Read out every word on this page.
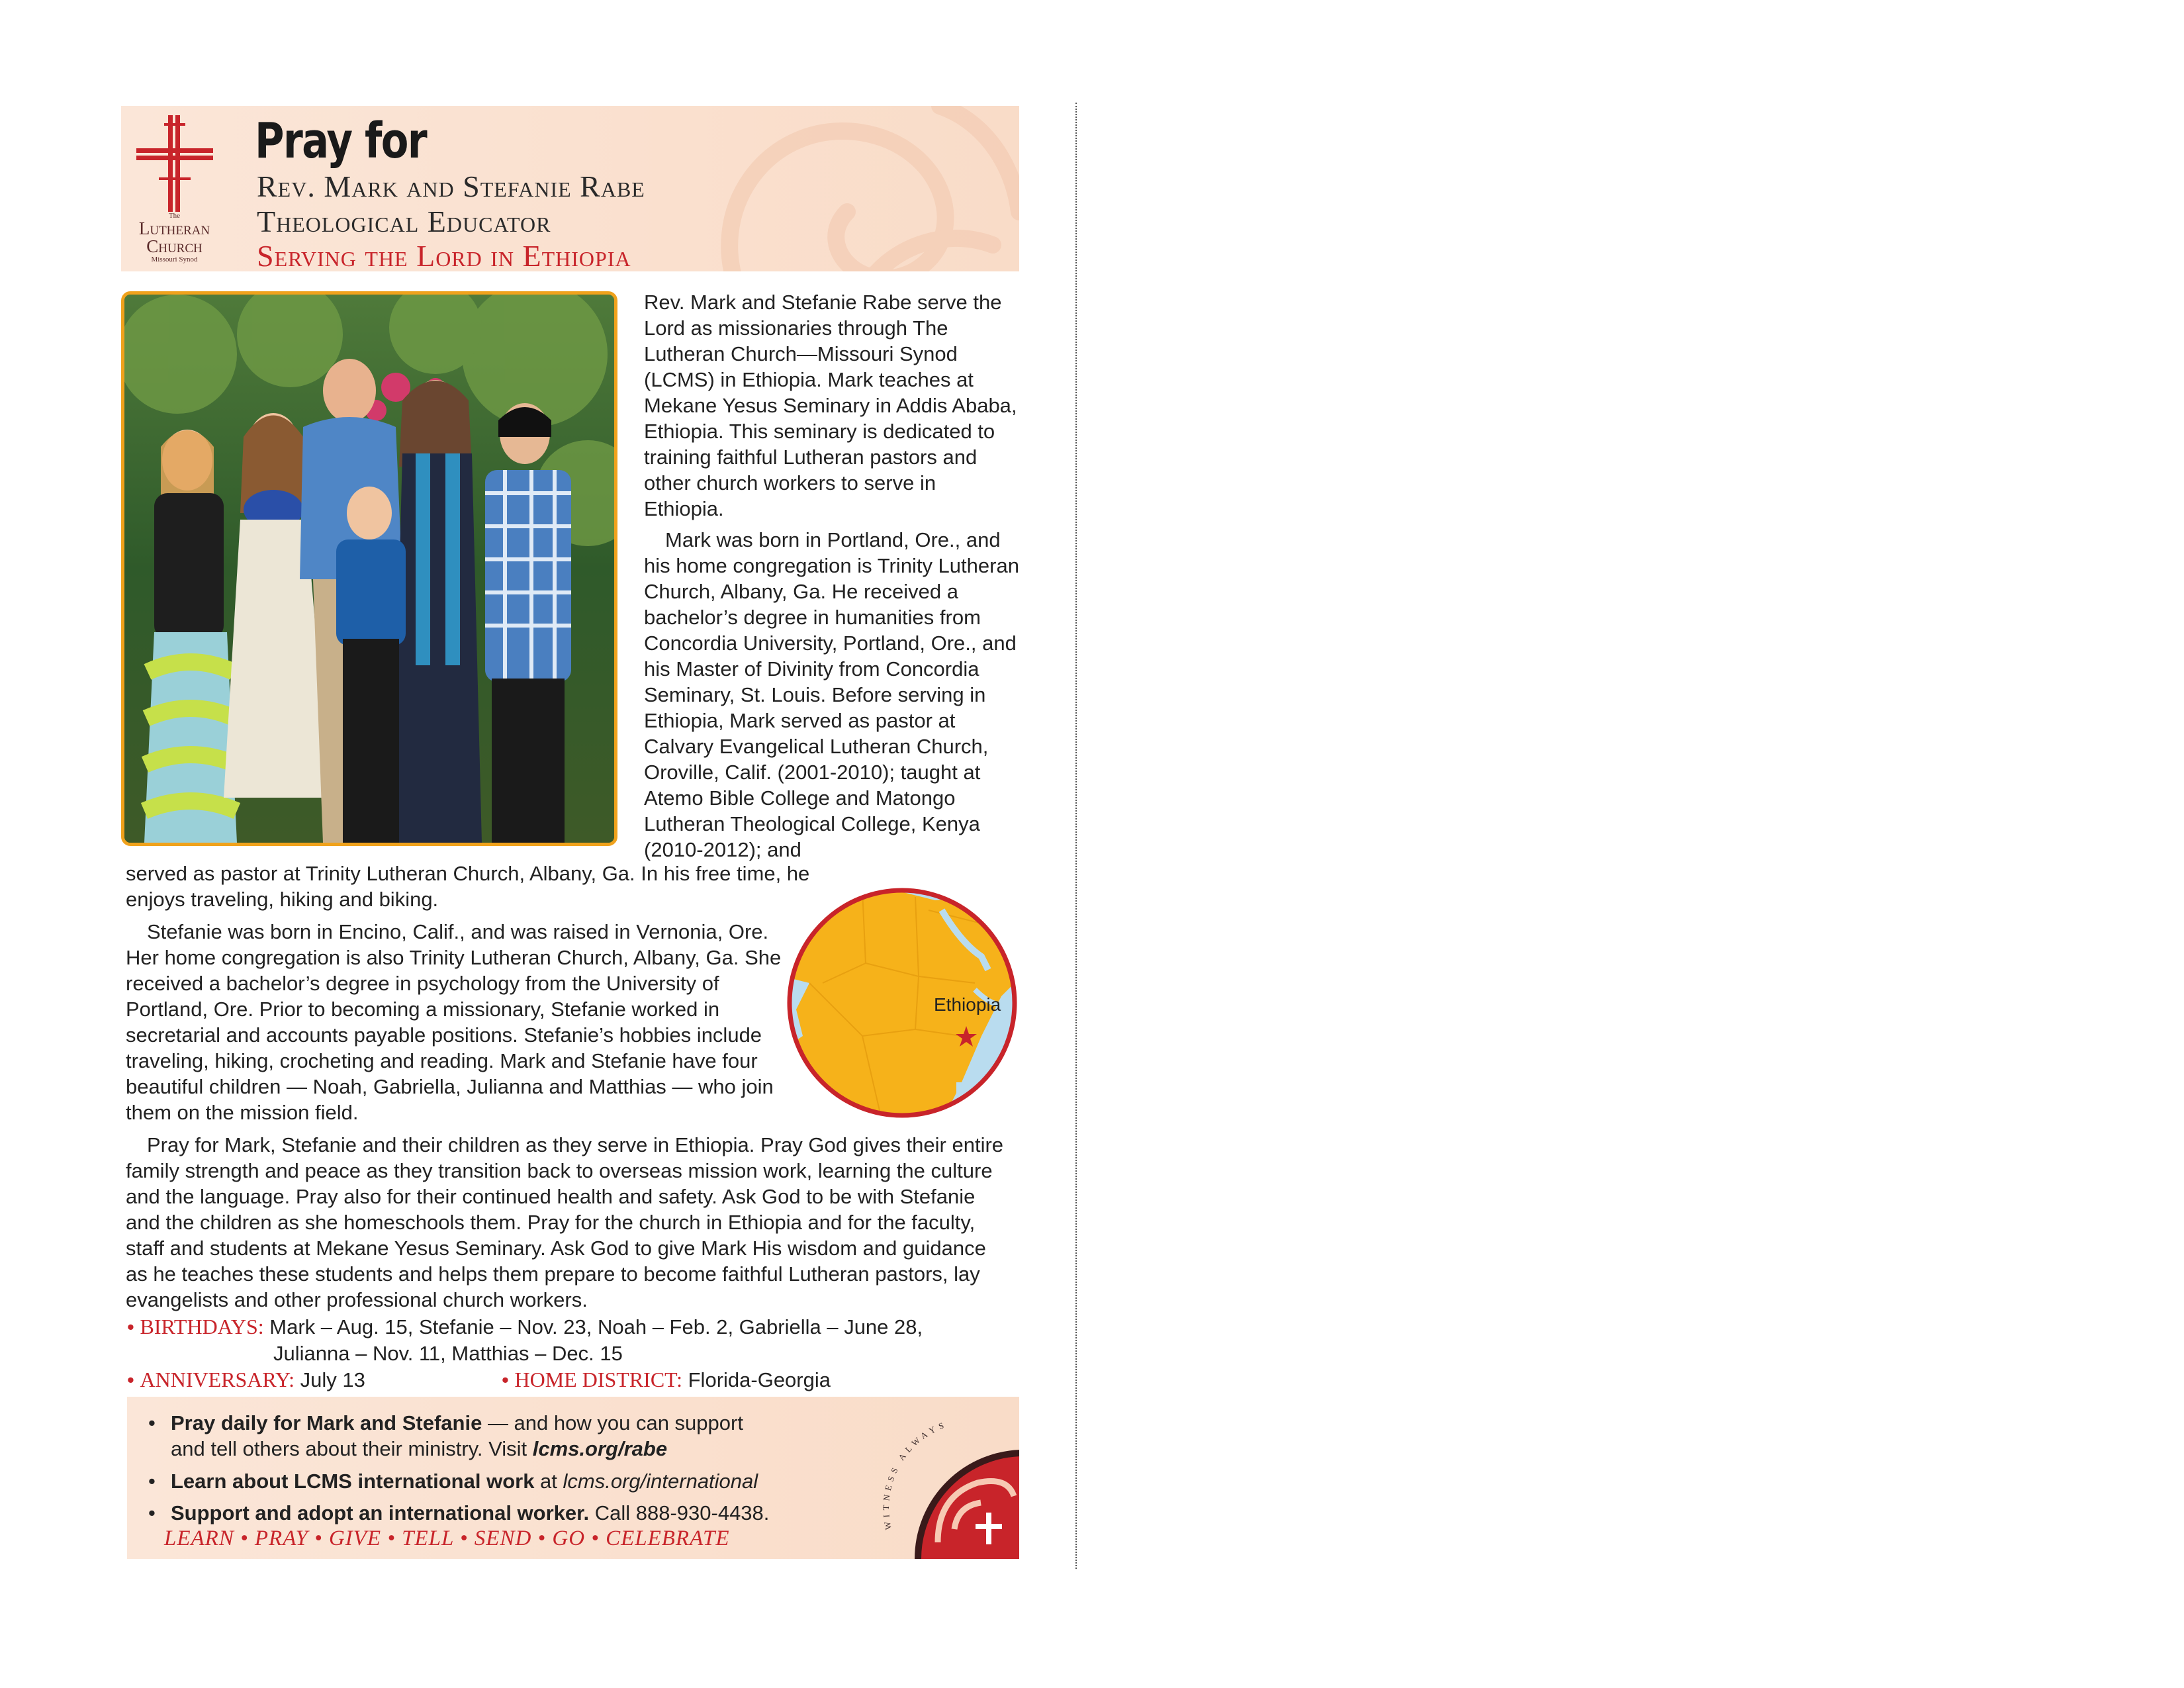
The
Lutheran
Church
Missouri Synod
Pray for
Rev. Mark and Stefanie Rabe
Theological Educator
Serving the Lord in Ethiopia

Rev. Mark and Stefanie Rabe serve the Lord as missionaries through The Lutheran Church—Missouri Synod (LCMS) in Ethiopia. Mark teaches at Mekane Yesus Seminary in Addis Ababa, Ethiopia. This seminary is dedicated to training faithful Lutheran pastors and other church workers to serve in Ethiopia.

Mark was born in Portland, Ore., and his home congregation is Trinity Lutheran Church, Albany, Ga. He received a bachelor’s degree in humanities from Concordia University, Portland, Ore., and his Master of Divinity from Concordia Seminary, St. Louis. Before serving in Ethiopia, Mark served as pastor at Calvary Evangelical Lutheran Church, Oroville, Calif. (2001-2010); taught at Atemo Bible College and Matongo Lutheran Theological College, Kenya (2010-2012); and

served as pastor at Trinity Lutheran Church, Albany, Ga. In his free time, he enjoys traveling, hiking and biking.

Stefanie was born in Encino, Calif., and was raised in Vernonia, Ore. Her home congregation is also Trinity Lutheran Church, Albany, Ga. She received a bachelor’s degree in psychology from the University of Portland, Ore. Prior to becoming a missionary, Stefanie worked in secretarial and accounts payable positions. Stefanie’s hobbies include traveling, hiking, crocheting and reading. Mark and Stefanie have four beautiful children — Noah, Gabriella, Julianna and Matthias — who join them on the mission field.

Ethiopia

Pray for Mark, Stefanie and their children as they serve in Ethiopia. Pray God gives their entire family strength and peace as they transition back to overseas mission work, learning the culture and the language. Pray also for their continued health and safety. Ask God to be with Stefanie and the children as she homeschools them. Pray for the church in Ethiopia and for the faculty, staff and students at Mekane Yesus Seminary. Ask God to give Mark His wisdom and guidance as he teaches these students and helps them prepare to become faithful Lutheran pastors, lay evangelists and other professional church workers.

• BIRTHDAYS: Mark – Aug. 15, Stefanie – Nov. 23, Noah – Feb. 2, Gabriella – June 28,
Julianna – Nov. 11, Matthias – Dec. 15
• ANNIVERSARY: July 13	• HOME DISTRICT: Florida-Georgia
• Pray daily for Mark and Stefanie — and how you can support
and tell others about their ministry. Visit lcms.org/rabe
• Learn about LCMS international work at lcms.org/international
• Support and adopt an international worker. Call 888-930-4438.
LEARN • PRAY • GIVE • TELL • SEND • GO • CELEBRATE
WITNESS ALWAYS
